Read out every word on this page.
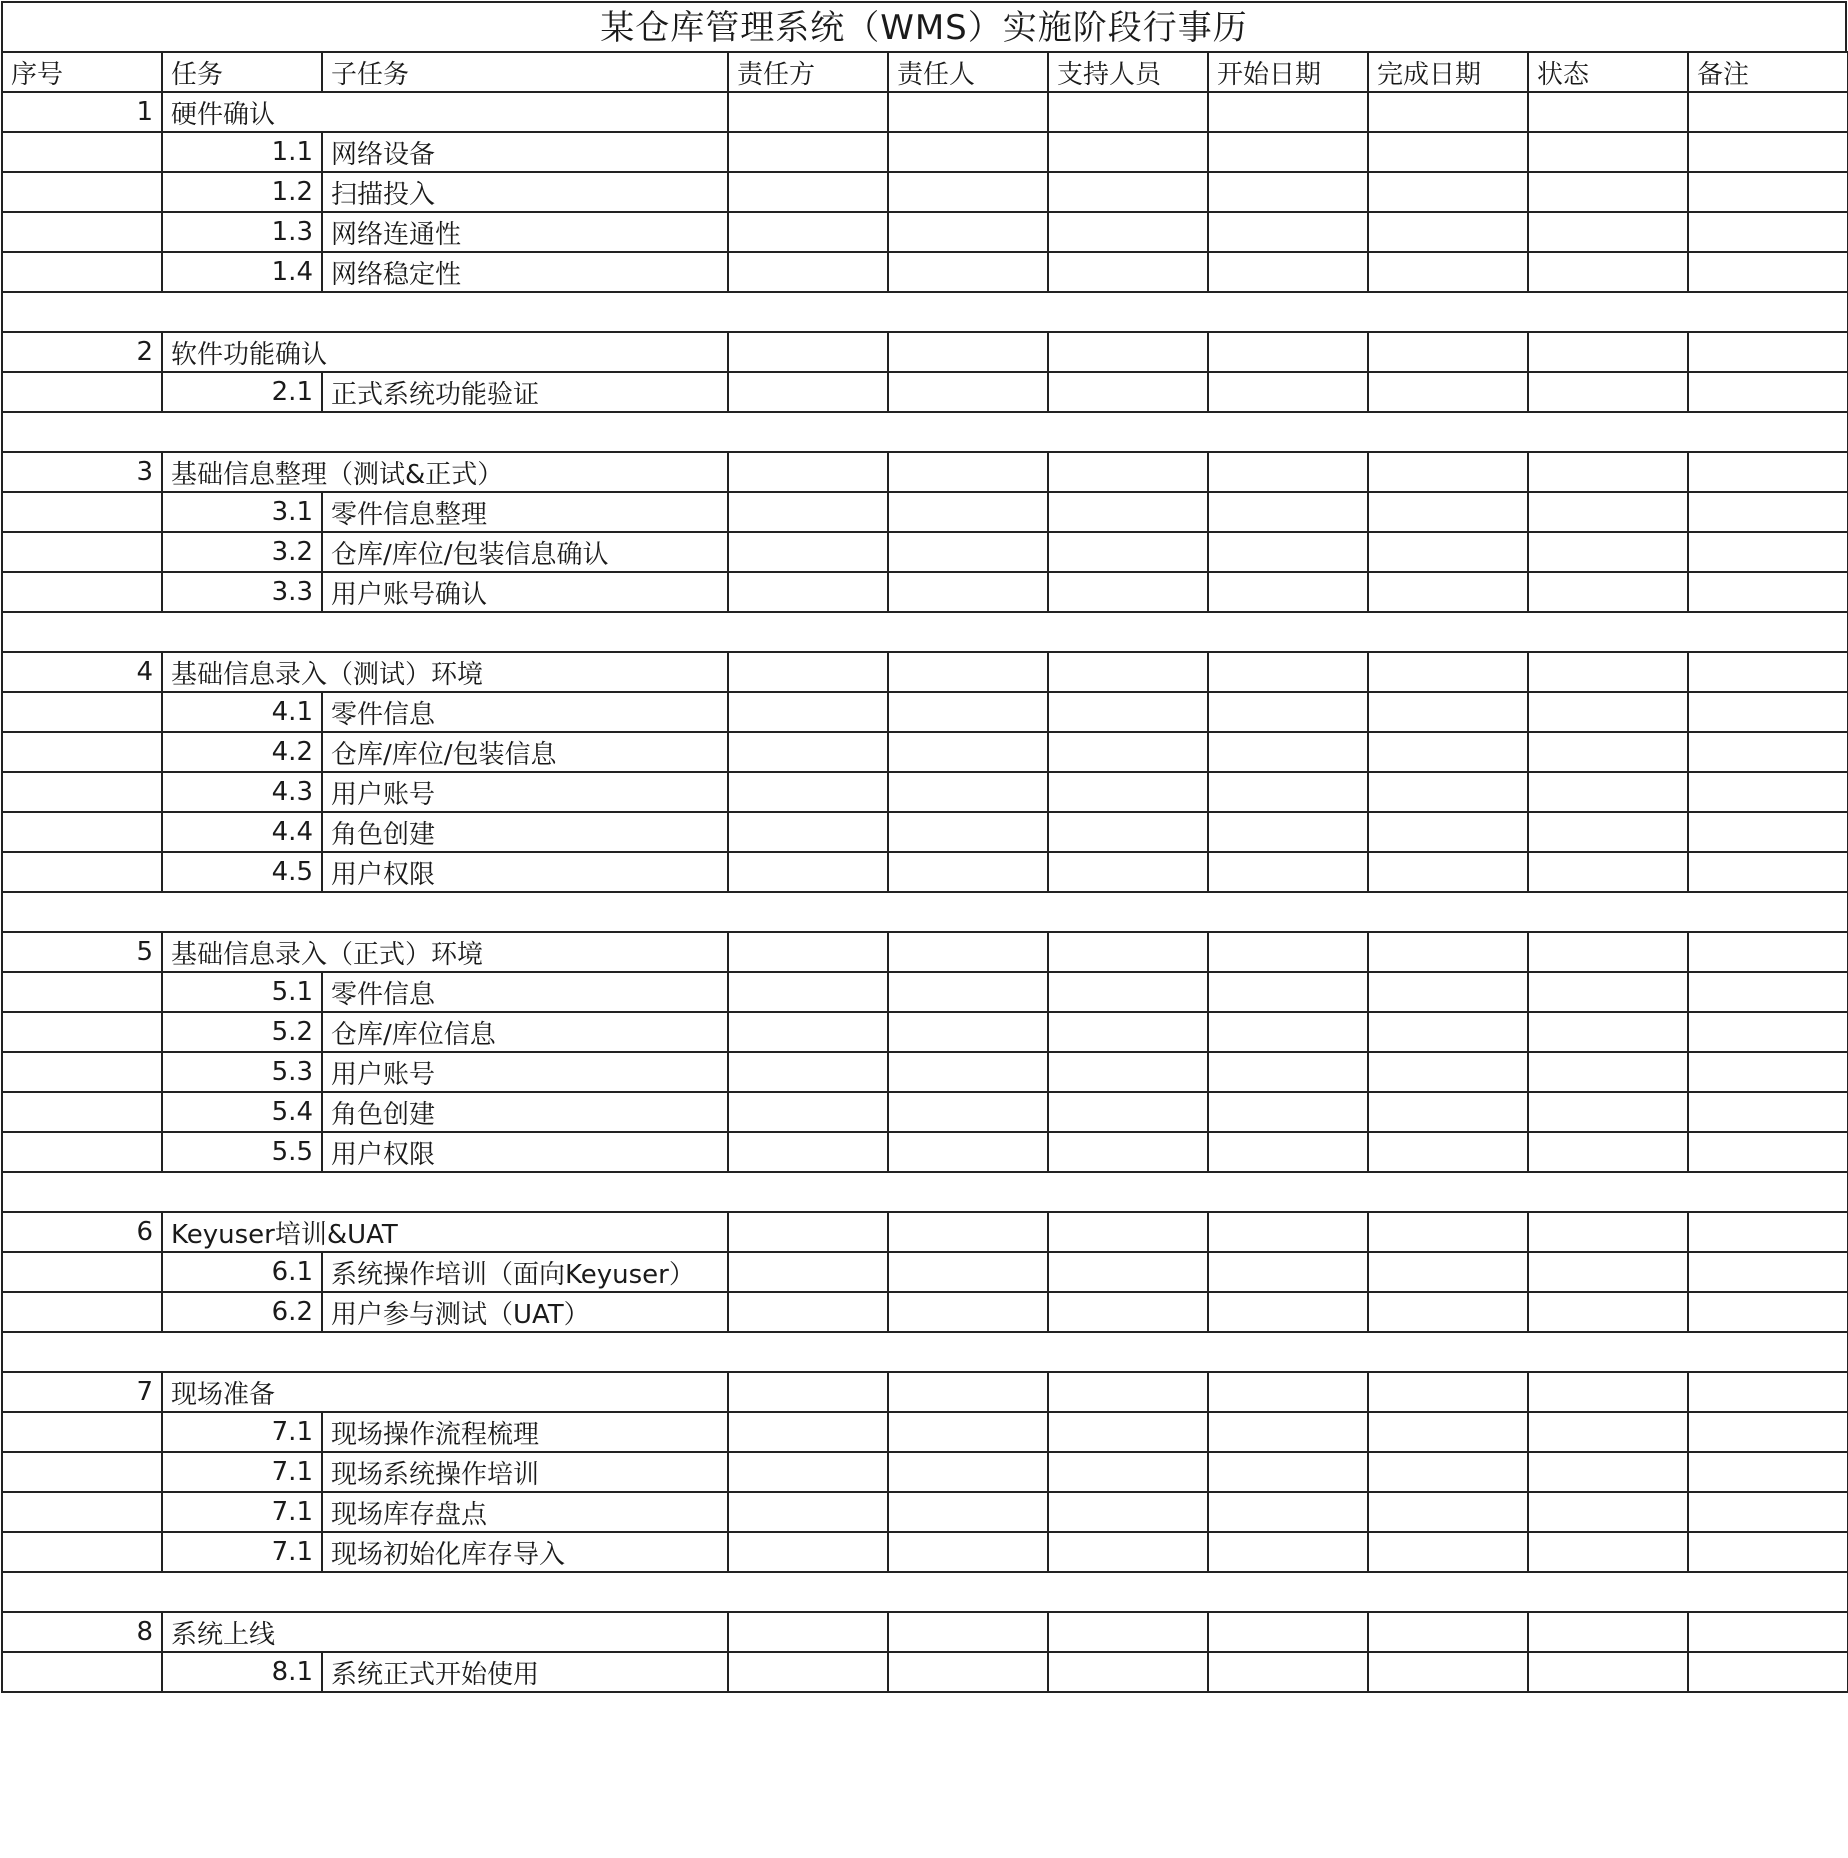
某仓库管理系统（WMS）实施阶段行事历
序号	任务	子任务	责任方	责任人	支持人员	开始日期	完成日期	状态	备注
1	硬件确认								
	1.1	网络设备							
	1.2	扫描投入							
	1.3	网络连通性							
	1.4	网络稳定性							

2	软件功能确认								
	2.1	正式系统功能验证							

3	基础信息整理（测试&正式）								
	3.1	零件信息整理							
	3.2	仓库/库位/包装信息确认							
	3.3	用户账号确认							

4	基础信息录入（测试）环境								
	4.1	零件信息							
	4.2	仓库/库位/包装信息							
	4.3	用户账号							
	4.4	角色创建							
	4.5	用户权限							

5	基础信息录入（正式）环境								
	5.1	零件信息							
	5.2	仓库/库位信息							
	5.3	用户账号							
	5.4	角色创建							
	5.5	用户权限							

6	Keyuser培训&UAT								
	6.1	系统操作培训（面向Keyuser）							
	6.2	用户参与测试（UAT）							

7	现场准备								
	7.1	现场操作流程梳理							
	7.1	现场系统操作培训							
	7.1	现场库存盘点							
	7.1	现场初始化库存导入							

8	系统上线								
	8.1	系统正式开始使用							
